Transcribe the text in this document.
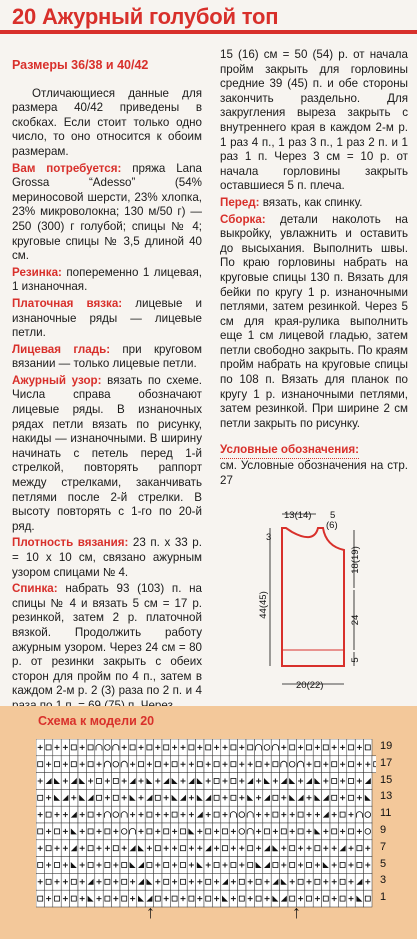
20 Ажурный голубой топ

Размеры 36/38 и 40/42

Отличающиеся данные для размера 40/42 приведены в скобках. Если стоит только одно число, то оно относится к обоим размерам.

Вам потребуется: пряжа Lana Grossa “Adesso” (54% мериносовой шерсти, 23% хлопка, 23% микроволокна; 130 м/50 г) — 250 (300) г голубой; спицы № 4; круговые спицы № 3,5 длиной 40 см.

Резинка: попеременно 1 лицевая, 1 изнаночная.

Платочная вязка: лицевые и изнаночные ряды — лицевые петли.

Лицевая гладь: при круговом вязании — только лицевые петли.

Ажурный узор: вязать по схеме. Числа справа обозначают лицевые ряды. В изнаночных рядах петли вязать по рисунку, накиды — изнаночными. В ширину начинать с петель перед 1-й стрелкой, повторять раппорт между стрелками, заканчивать петлями после 2-й стрелки. В высоту повторять с 1-го по 20-й ряд.

Плотность вязания: 23 п. х 33 р. = 10 х 10 см, связано ажурным узором спицами № 4.

Спинка: набрать 93 (103) п. на спицы № 4 и вязать 5 см = 17 р. резинкой, затем 2 р. платочной вязкой. Продолжить работу ажурным узором. Через 24 см = 80 р. от резинки закрыть с обеих сторон для пройм по 4 п., затем в каждом 2-м р. 2 (3) раза по 2 п. и 4

15 (16) см = 50 (54) р. от начала пройм закрыть для горловины средние 39 (45) п. и обе стороны закончить раздельно. Для закругления выреза закрыть с внутреннего края в каждом 2-м р. 1 раз 4 п., 1 раз 3 п., 1 раз 2 п. и 1 раз 1 п. Через 3 см = 10 р. от начала горловины закрыть оставшиеся 5 п. плеча.

Перед: вязать, как спинку.

Сборка: детали наколоть на выкройку, увлажнить и оставить до высыхания. Выполнить швы. По краю горловины набрать на круговые спицы 130 п. Вязать для бейки по кругу 1 р. изнаночными петлями, затем резинкой. Через 5 см для края-рулика выполнить еще 1 см лицевой гладью, затем петли свободно закрыть. По краям пройм набрать на круговые спицы по 108 п. Вязать для планок по кругу 1 р. изнаночными петлями, затем резинкой. При ширине 2 см петли закрыть по рисунку.

Условные обозначения:
см. Условные обозначения на стр. 27

44(45)
18(19)
24
5
13(14) 5
(6)
3
20(22)
Схема к модели 20
19
17
15
13
11
9
7
5
3
1
↑	↑
